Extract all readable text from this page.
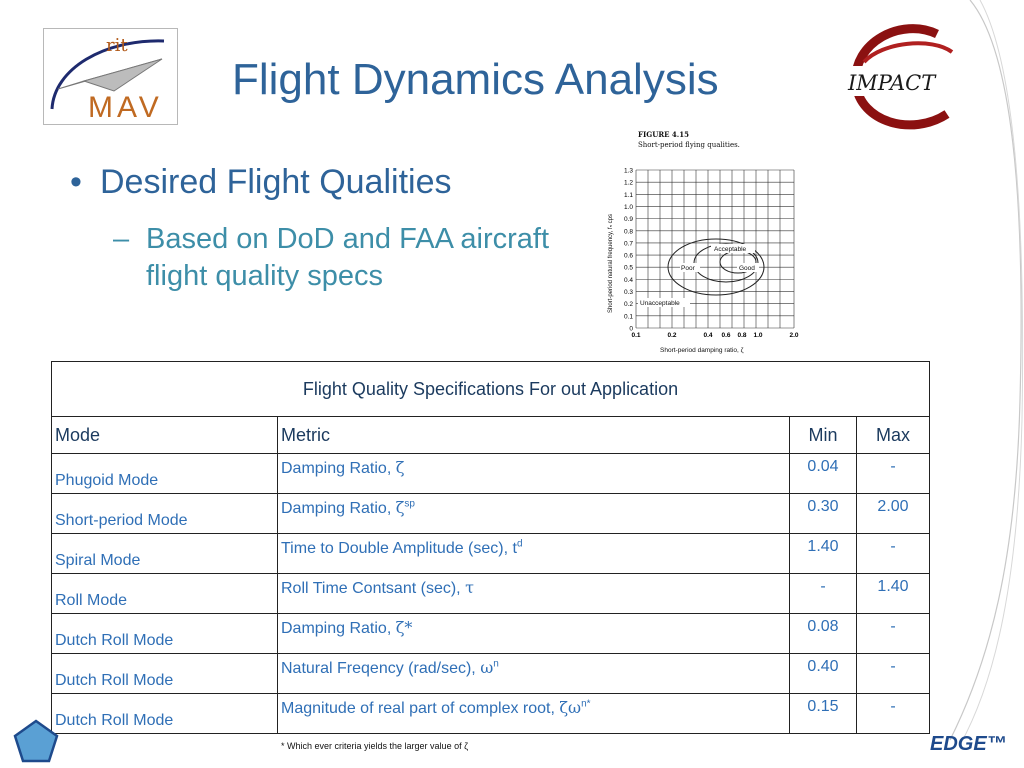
rit
MAV
IMPACT
Flight Dynamics Analysis
• Desired Flight Qualities
– Based on DoD and FAA aircraft flight quality specs
FIGURE 4.15
Short-period flying qualities.
1.3
1.2
1.1
1.0
0.9
0.8
0.7
0.6
0.5
0.4
0.3
0.2
0.1
0
0.1	0.2	0.4 0.6 0.8 1.0	2.0
Short-period natural frequency, fₙ cps
Short-period damping ratio, ζ
Acceptable
Poor	Good
Unacceptable
Flight Quality Specifications For out Application			
Mode	Metric	Min	Max
Phugoid Mode	Damping Ratio, ζ	0.04	-
Short-period Mode	Damping Ratio, $\zeta^{sp}$	0.30	2.00
Spiral Mode	Time to Double Amplitude (sec), $t^d$	1.40	-
Roll Mode	Roll Time Contsant (sec), τ	-	1.40
Dutch Roll Mode	Damping Ratio, ζ*	0.08	-
Dutch Roll Mode	Natural Freqency (rad/sec), $\omega^n$	0.40	-
Dutch Roll Mode	Magnitude of real part of complex root, $\zeta\omega^{n*}$	0.15	-
* Which ever criteria yields the larger value of ζ	EDGE™
